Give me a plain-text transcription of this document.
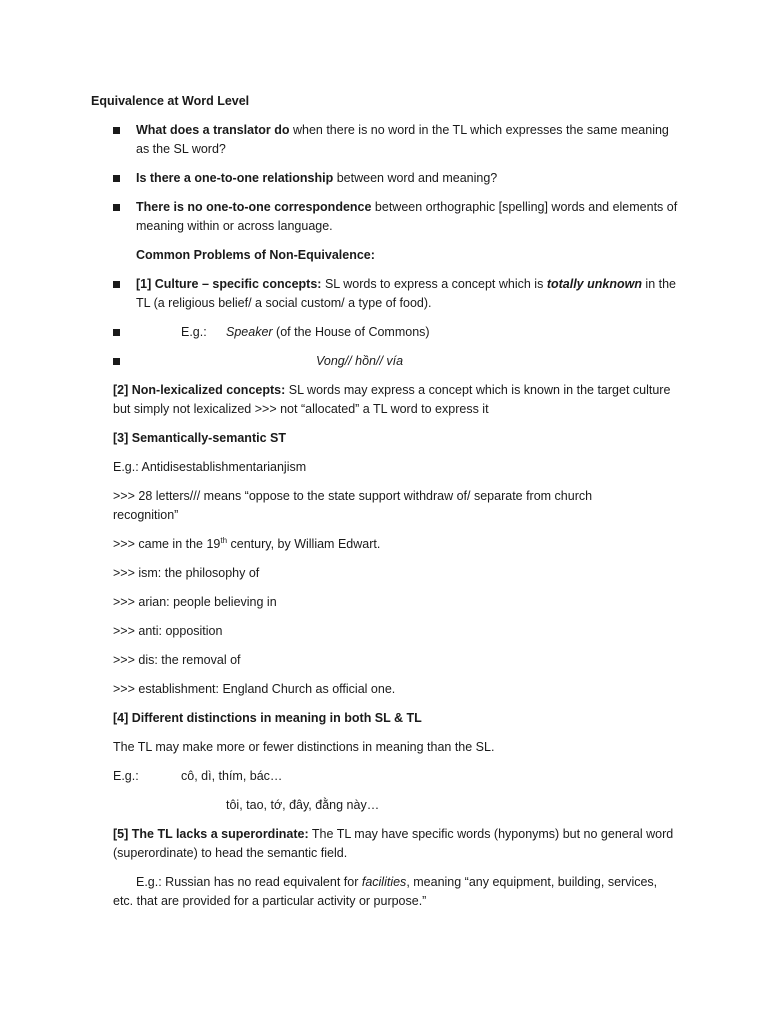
Equivalence at Word Level
What does a translator do when there is no word in the TL which expresses the same meaning
as the SL word?
Is there a one-to-one relationship between word and meaning?
There is no one-to-one correspondence between orthographic [spelling] words and elements of
meaning within or across language.
Common Problems of Non-Equivalence:
[1] Culture – specific concepts: SL words to express a concept which is totally unknown in the
TL (a religious belief/ a social custom/ a type of food).
E.g.: Speaker (of the House of Commons)
Vong// hồn// vía
[2] Non-lexicalized concepts: SL words may express a concept which is known in the target culture
but simply not lexicalized >>> not “allocated” a TL word to express it
[3] Semantically-semantic ST
E.g.: Antidisestablishmentarianjism
>>> 28 letters/// means “oppose to the state support withdraw of/ separate from church
recognition”
>>> came in the 19th century, by William Edwart.
>>> ism: the philosophy of
>>> arian: people believing in
>>> anti: opposition
>>> dis: the removal of
>>> establishment: England Church as official one.
[4] Different distinctions in meaning in both SL & TL
The TL may make more or fewer distinctions in meaning than the SL.
E.g.:	cô, dì, thím, bác…
tôi, tao, tớ, đây, đằng này…
[5] The TL lacks a superordinate: The TL may have specific words (hyponyms) but no general word
(superordinate) to head the semantic field.
E.g.: Russian has no read equivalent for facilities, meaning “any equipment, building, services,
etc. that are provided for a particular activity or purpose.”
